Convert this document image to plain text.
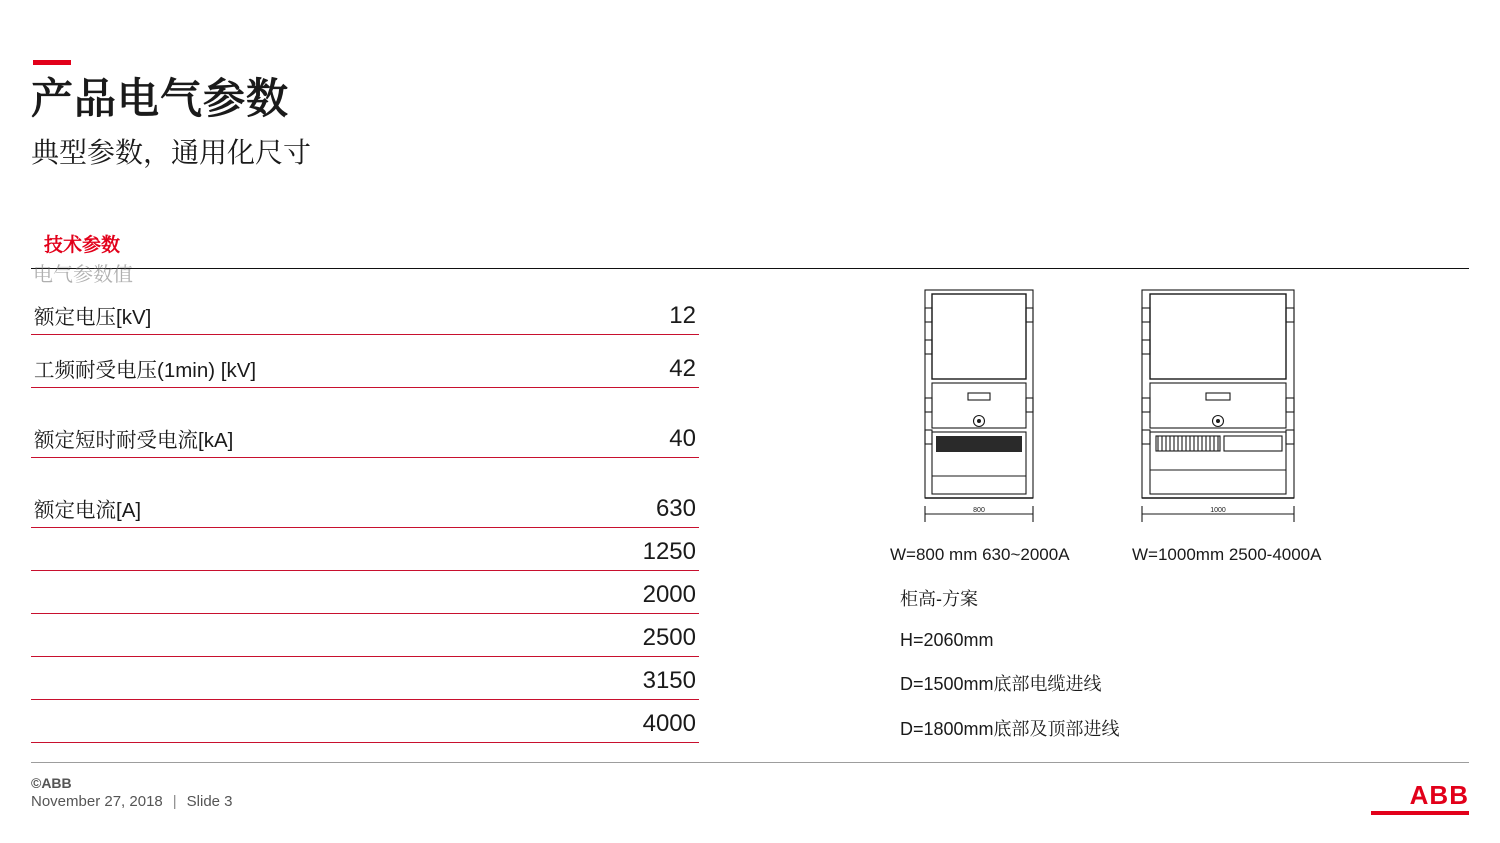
产品电气参数
典型参数，通用化尺寸
技术参数
电气参数值
额定电压[kV]	12
工频耐受电压(1min) [kV]	42
额定短时耐受电流[kA]	40
额定电流[A]	630
1250
2000
2500
3150
4000
800	1000
W=800 mm 630~2000A	W=1000mm 2500-4000A
柜高-方案
H=2060mm
D=1500mm底部电缆进线
D=1800mm底部及顶部进线
©ABB
November 27, 2018 | Slide 3	ABB
